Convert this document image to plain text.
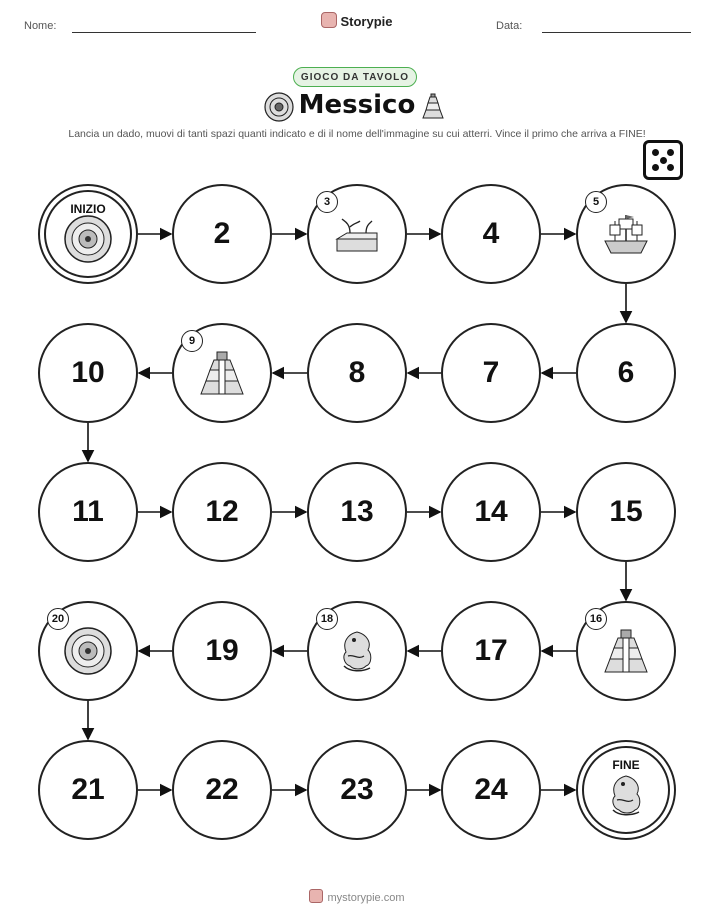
Nome:	Storypie	Data:
GIOCO DA TAVOLO
Messico
Lancia un dado, muovi di tanti spazi quanti indicato e di il nome dell'immagine su cui atterri. Vince il primo che arriva a FINE!
INIZIO
2
3
4
5
6
7
8
9
10
11	12	13	14	15
16
17
18
19
20
21	22	23	24
FINE
mystorypie.com
